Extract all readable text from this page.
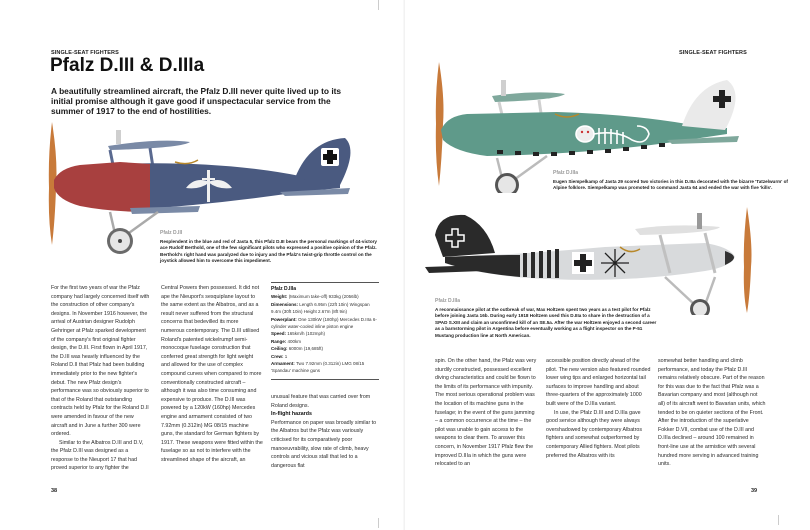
SINGLE-SEAT FIGHTERS
Pfalz D.III & D.IIIa
A beautifully streamlined aircraft, the Pfalz D.III never quite lived up to its initial promise although it gave good if unspectacular service from the summer of 1917 to the end of hostilities.
Pfalz D.III
Resplendent in the blue and red of Jasta 5, this Pfalz D.III bears the personal markings of 44-victory ace Rudolf Berthold, one of the few significant pilots who expressed a positive opinion of the Pfalz. Berthold's right hand was paralyzed due to injury and the Pfalz's twist-grip throttle control on the joystick allowed him to overcome this impediment.

For the first two years of war the Pfalz company had largely concerned itself with the construction of other company's designs. In November 1916 however, the arrival of Austrian designer Rudolph Gehringer at Pfalz sparked development of the company's first original fighter design, the D.III. First flown in April 1917, the D.III was heavily influenced by the Roland D.II that Pfalz had been building immediately prior to the new fighter's debut. The new Pfalz design's performance was so obviously superior to that of the Roland that outstanding contracts held by Pfalz for the Roland D.II were amended in favour of the new aircraft and in June a further 300 were ordered.

Similar to the Albatros D.III and D.V, the Pfalz D.III was designed as a response to the Nieuport 17 that had proved superior to any fighter the

Central Powers then possessed. It did not ape the Nieuport's sesquiplane layout to the same extent as the Albatros, and as a result never suffered from the structural concerns that bedevilled its more numerous contemporary. The D.III utilised Roland's patented wickelrumpf semi-monocoque fuselage construction that conferred great strength for light weight and allowed for the use of complex compound curves when compared to more conventionally constructed aircraft – although it was also time consuming and expensive to produce. The D.III was powered by a 120kW (160hp) Mercedes engine and armament consisted of two 7.92mm (0.312in) MG 08/15 machine guns, the standard for German fighters by 1917. These weapons were fitted within the fuselage so as not to interfere with the streamlined shape of the aircraft, an

Pfalz D.IIIa
Weight: (Maximum take-off) 933kg (2056lb)
Dimensions: Length 6.95m (22ft 10in) Wingspan 9.4m (30ft 10in) Height 2.67m (8ft 9in)
Powerplant: One 130kW (180hp) Mercedes D.IIIa 6-cylinder water-cooled inline piston engine
Speed: 165km/h (102mph)
Range: 400km
Ceiling: 6000m (19,685ft)
Crew: 1
Armament: Two 7.92mm (0.312in) LMG 08/15 'Spandau' machine guns

unusual feature that was carried over from Roland designs.

In-flight hazards

Performance on paper was broadly similar to the Albatros but the Pfalz was variously criticised for its comparatively poor manoeuvrability, slow rate of climb, heavy controls and vicious stall that led to a dangerous flat

38
SINGLE-SEAT FIGHTERS
Pfalz D.IIIa
Eugen Siempelkamp of Jasta 29 scored two victories in this D.IIIa decorated with the bizarre 'Tatzelwurm' of Alpine folklore. Siempelkamp was promoted to command Jasta 64 and ended the war with five 'kills'.
Pfalz D.IIIa
A reconnaissance pilot at the outbreak of war, Max Holtzem spent two years as a test pilot for Pfalz before joining Jasta 16b. During early 1918 Holtzem used this D.IIIa to share in the destruction of a SPAD S.XIII and claim an unconfirmed kill of an SE.5a. After the war Holtzem enjoyed a second career as a barnstorming pilot in Argentina before eventually working as a flight inspector on the P-51 Mustang production line at North American.

spin. On the other hand, the Pfalz was very sturdily constructed, possessed excellent diving characteristics and could be flown to the limits of its performance with impunity. The most serious operational problem was the location of its machine guns in the fuselage; in the event of the guns jamming – a common occurrence at the time – the pilot was unable to gain access to the weapons to clear them. To answer this concern, in November 1917 Pfalz flew the improved D.IIIa in which the guns were relocated to an

accessible position directly ahead of the pilot. The new version also featured rounded lower wing tips and enlarged horizontal tail surfaces to improve handling and about three-quarters of the approximately 1000 built were of the D.IIIa variant.

In use, the Pfalz D.III and D.IIIa gave good service although they were always overshadowed by contemporary Albatros fighters and somewhat outperformed by contemporary Allied fighters. Most pilots preferred the Albatros with its

somewhat better handling and climb performance, and today the Pfalz D.III remains relatively obscure. Part of the reason for this was due to the fact that Pfalz was a Bavarian company and most (although not all) of its aircraft went to Bavarian units, which tended to be on quieter sections of the Front. After the introduction of the superlative Fokker D.VII, combat use of the D.III and D.IIIa declined – around 100 remained in front-line use at the armistice with several hundred more serving in advanced training units.

39
